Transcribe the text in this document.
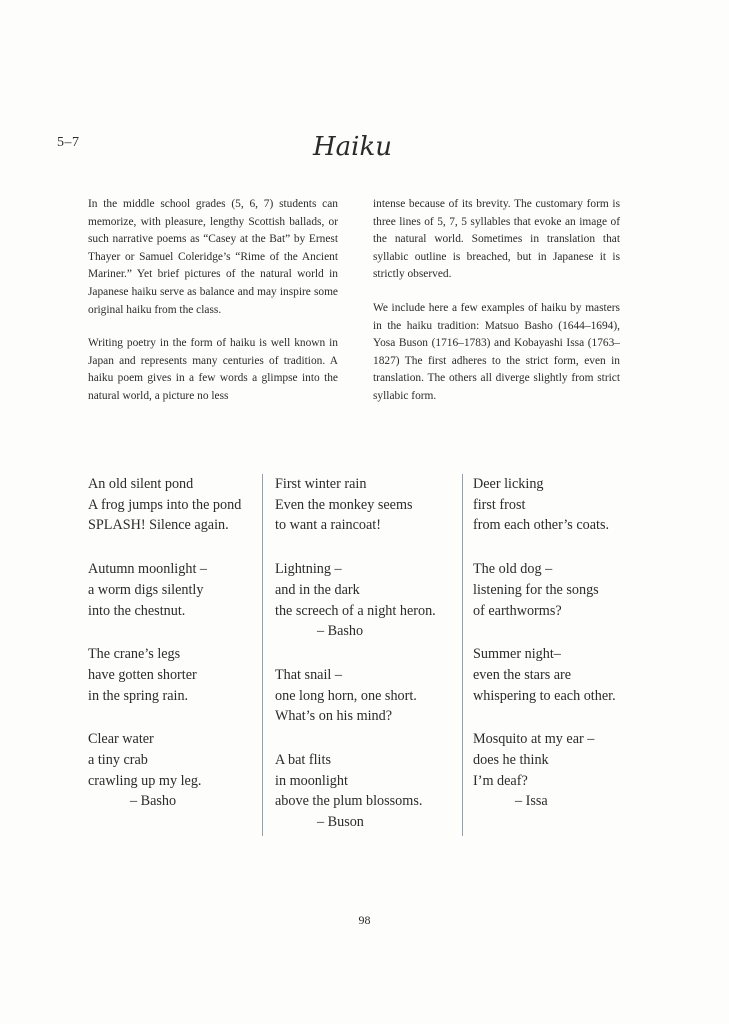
5–7	Haiku

In the middle school grades (5, 6, 7) students can memorize, with pleasure, lengthy Scottish ballads, or such narrative poems as “Casey at the Bat” by Ernest Thayer or Samuel Coleridge’s “Rime of the Ancient Mariner.” Yet brief pictures of the natural world in Japanese haiku serve as balance and may inspire some original haiku from the class.

Writing poetry in the form of haiku is well known in Japan and represents many centuries of tradition. A haiku poem gives in a few words a glimpse into the natural world, a picture no less

intense because of its brevity. The customary form is three lines of 5, 7, 5 syllables that evoke an image of the natural world. Sometimes in translation that syllabic outline is breached, but in Japanese it is strictly observed.

We include here a few examples of haiku by masters in the haiku tradition: Matsuo Basho (1644–1694), Yosa Buson (1716–1783) and Kobayashi Issa (1763–1827) The first adheres to the strict form, even in translation. The others all diverge slightly from strict syllabic form.

An old silent pond
A frog jumps into the pond
SPLASH! Silence again.
Autumn moonlight –
a worm digs silently
into the chestnut.
The crane’s legs
have gotten shorter
in the spring rain.
Clear water
a tiny crab
crawling up my leg.
– Basho
First winter rain
Even the monkey seems
to want a raincoat!
Lightning –
and in the dark
the screech of a night heron.
– Basho
That snail –
one long horn, one short.
What’s on his mind?
A bat flits
in moonlight
above the plum blossoms.
– Buson
Deer licking
first frost
from each other’s coats.
The old dog –
listening for the songs
of earthworms?
Summer night–
even the stars are
whispering to each other.
Mosquito at my ear –
does he think
I’m deaf?
– Issa
98
